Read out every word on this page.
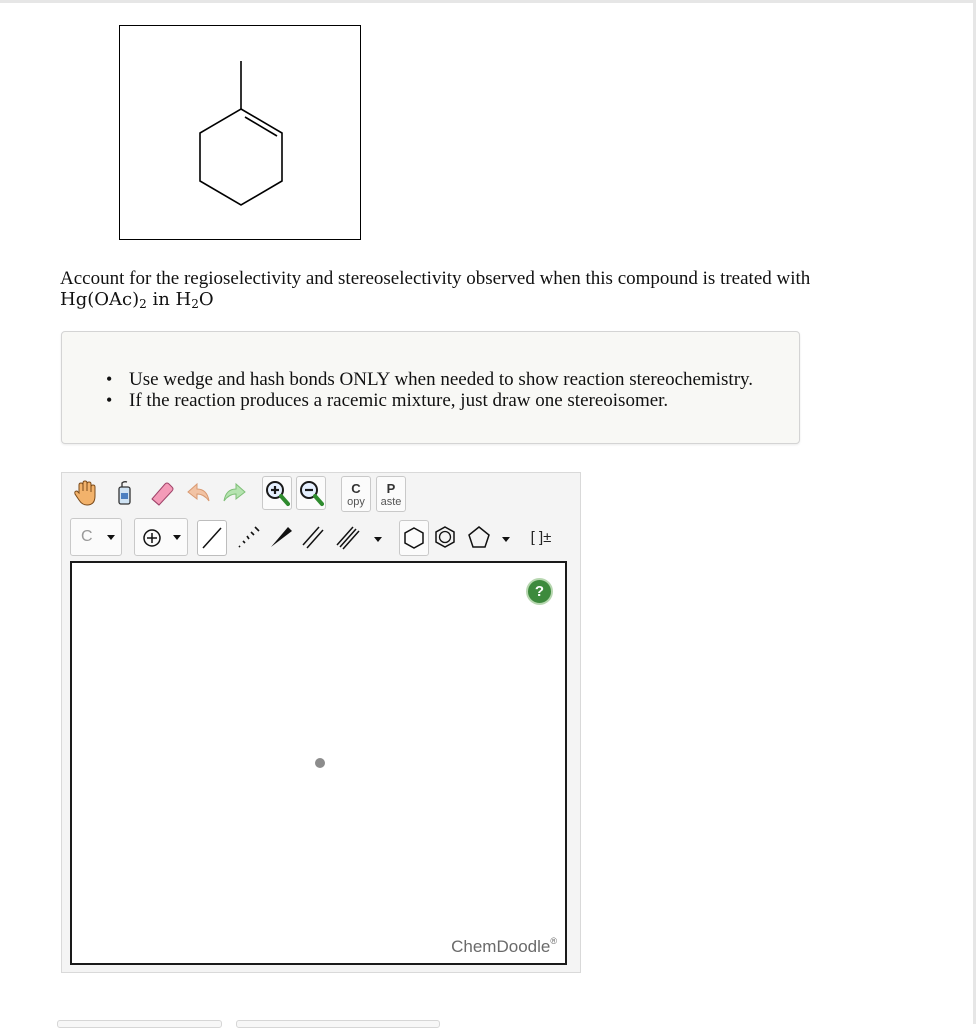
Account for the regioselectivity and stereoselectivity observed when this compound is treated with
$Hg(OAc)_2$ in $H_2O$
• Use wedge and hash bonds ONLY when needed to show reaction stereochemistry.
• If the reaction produces a racemic mixture, just draw one stereoisomer.
C
opy
P
aste
C	[ ]±
?
ChemDoodle®
